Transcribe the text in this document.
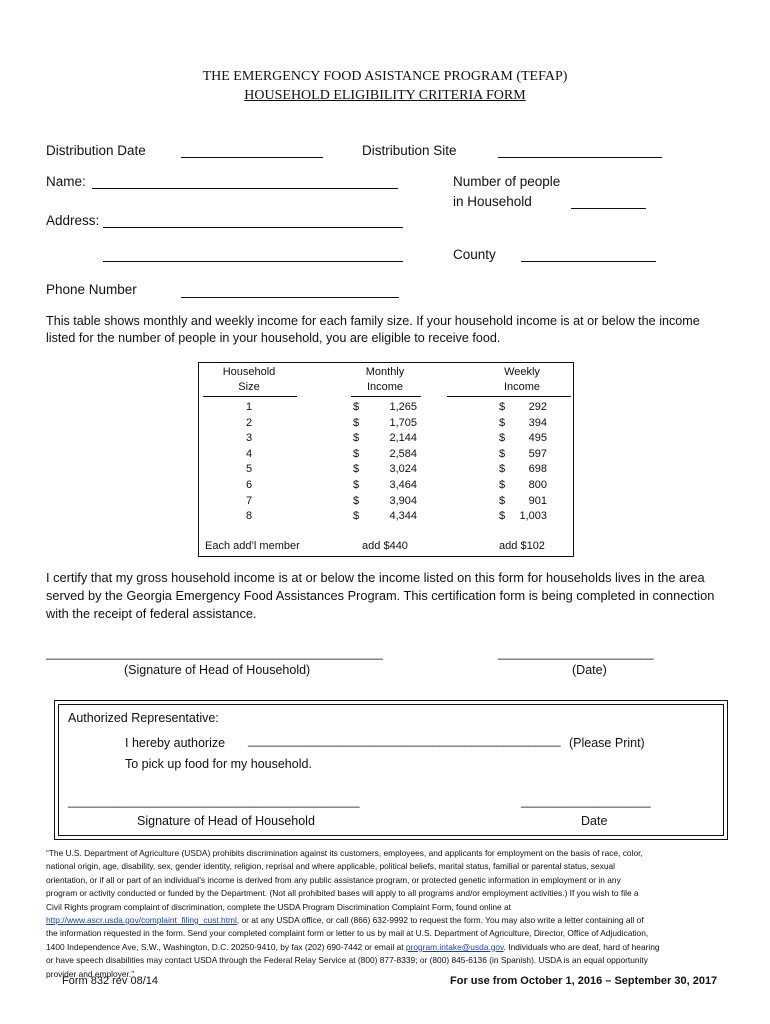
THE EMERGENCY FOOD ASISTANCE PROGRAM (TEFAP)
HOUSEHOLD ELIGIBILITY CRITERIA FORM
Distribution Date	Distribution Site
Name:	Number of people
in Household
Address:
County
Phone Number
This table shows monthly and weekly income for each family size. If your household income is at or below the income
listed for the number of people in your household, you are eligible to receive food.
Household
Size
Monthly
Income
Weekly
Income
1	$	1,265	$	292
2	$	1,705	$	394
3	$	2,144	$	495
4	$	2,584	$	597
5	$	3,024	$	698
6	$	3,464	$	800
7	$	3,904	$	901
8	$	4,344	$	1,003
Each add’l member	add $440	add $102
I certify that my gross household income is at or below the income listed on this form for households lives in the area
served by the Georgia Emergency Food Assistances Program. This certification form is being completed in connection
with the receipt of federal assistance.
____________________________________________________
(Signature of Head of Household)
________________________
(Date)
Authorized Representative:
I hereby authorize _________________________________________________ (Please Print)
To pick up food for my household.
_____________________________________________
Signature of Head of Household
____________________
Date
“The U.S. Department of Agriculture (USDA) prohibits discrimination against its customers, employees, and applicants for employment on the basis of race, color,
national origin, age, disability, sex, gender identity, religion, reprisal and where applicable, political beliefs, marital status, familial or parental status, sexual
orientation, or if all or part of an individual’s income is derived from any public assistance program, or protected genetic information in employment or in any
program or activity conducted or funded by the Department. (Not all prohibited bases will apply to all programs and/or employment activities.) If you wish to file a
Civil Rights program complaint of discrimination, complete the USDA Program Discrimination Complaint Form, found online at
http://www.ascr.usda.gov/complaint_filing_cust.html, or at any USDA office, or call (866) 632-9992 to request the form. You may also write a letter containing all of
the information requested in the form. Send your completed complaint form or letter to us by mail at U.S. Department of Agriculture, Director, Office of Adjudication,
1400 Independence Ave, S.W., Washington, D.C. 20250-9410, by fax (202) 690-7442 or email at program.intake@usda.gov. Individuals who are deaf, hard of hearing
or have speech disabilities may contact USDA through the Federal Relay Service at (800) 877-8339; or (800) 845-6136 (in Spanish). USDA is an equal opportunity
provider and employer.”
Form 832 rev 08/14	For use from October 1, 2016 – September 30, 2017
